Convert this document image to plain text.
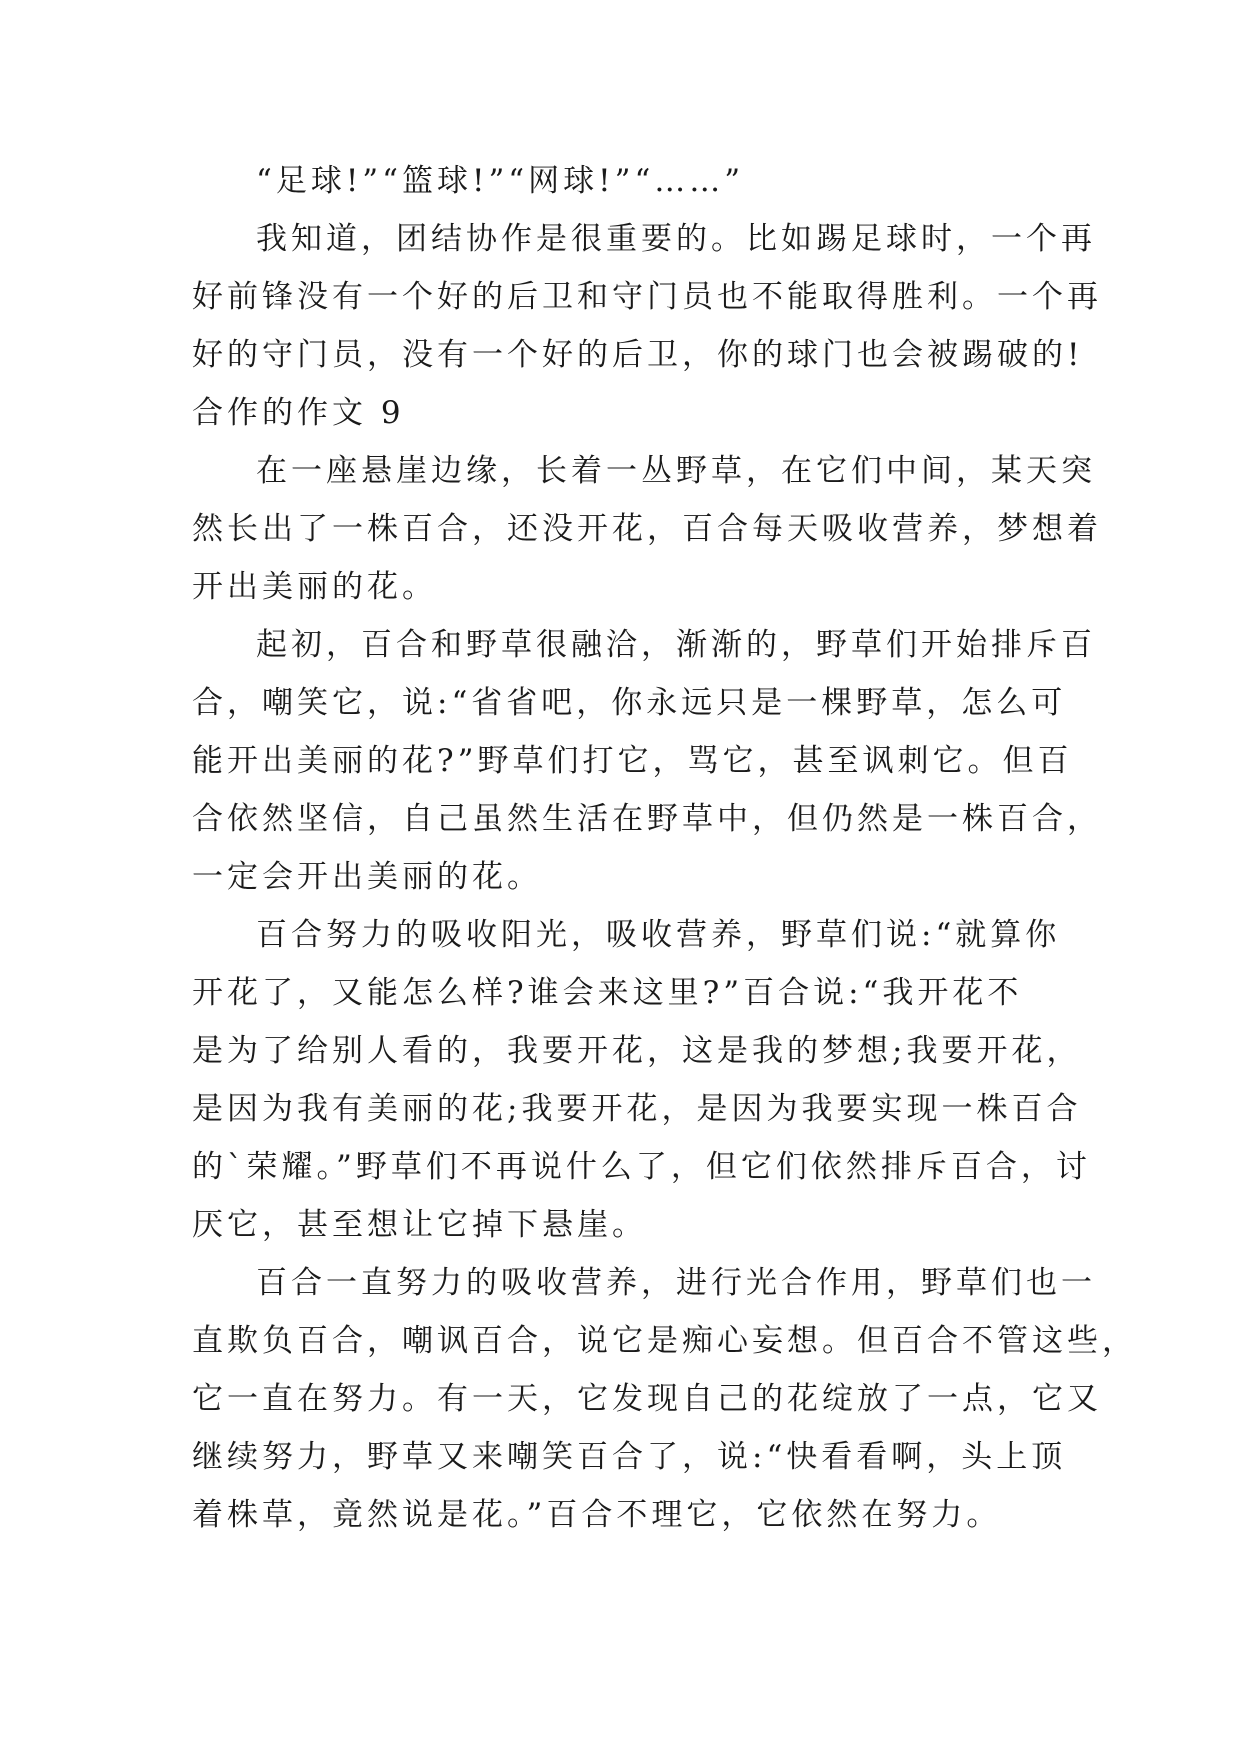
“足球!”“篮球!”“网球!”“……”
我知道，团结协作是很重要的。比如踢足球时，一个再
好前锋没有一个好的后卫和守门员也不能取得胜利。一个再
好的守门员，没有一个好的后卫，你的球门也会被踢破的!
合作的作文 9
在一座悬崖边缘，长着一丛野草，在它们中间，某天突
然长出了一株百合，还没开花，百合每天吸收营养，梦想着
开出美丽的花。
起初，百合和野草很融洽，渐渐的，野草们开始排斥百
合，嘲笑它，说:“省省吧，你永远只是一棵野草，怎么可
能开出美丽的花?”野草们打它，骂它，甚至讽刺它。但百
合依然坚信，自己虽然生活在野草中，但仍然是一株百合，
一定会开出美丽的花。
百合努力的吸收阳光，吸收营养，野草们说:“就算你
开花了，又能怎么样?谁会来这里?”百合说:“我开花不
是为了给别人看的，我要开花，这是我的梦想;我要开花，
是因为我有美丽的花;我要开花，是因为我要实现一株百合
的`荣耀。”野草们不再说什么了，但它们依然排斥百合，讨
厌它，甚至想让它掉下悬崖。
百合一直努力的吸收营养，进行光合作用，野草们也一
直欺负百合，嘲讽百合，说它是痴心妄想。但百合不管这些，
它一直在努力。有一天，它发现自己的花绽放了一点，它又
继续努力，野草又来嘲笑百合了，说:“快看看啊，头上顶
着株草，竟然说是花。”百合不理它，它依然在努力。
